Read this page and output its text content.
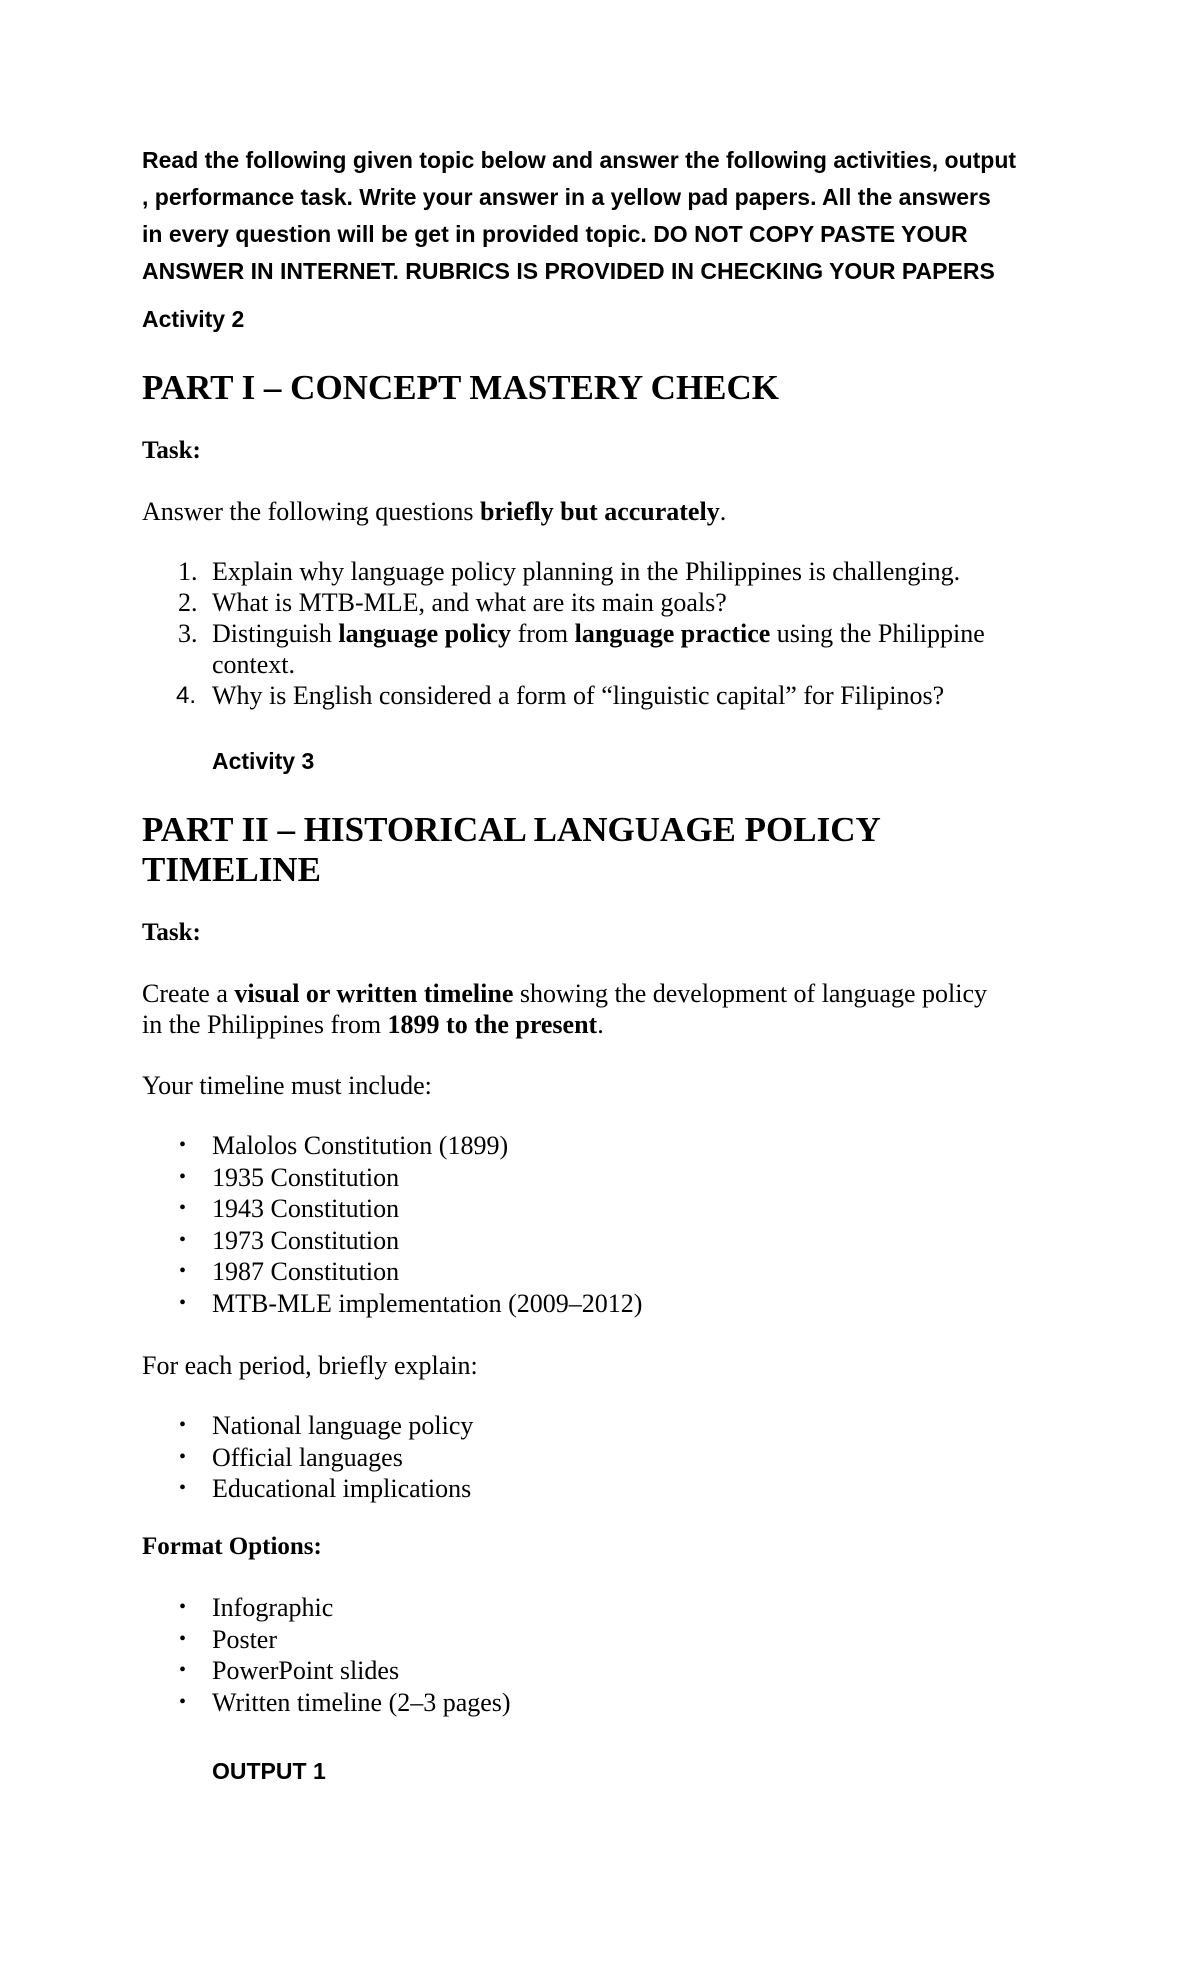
Read the following given topic below and answer the following activities, output
, performance task. Write your answer in a yellow pad papers. All the answers
in every question will be get in provided topic. DO NOT COPY PASTE YOUR
ANSWER IN INTERNET. RUBRICS IS PROVIDED IN CHECKING YOUR PAPERS
Activity 2
PART I – CONCEPT MASTERY CHECK
Task:
Answer the following questions briefly but accurately.
1. Explain why language policy planning in the Philippines is challenging.
2. What is MTB-MLE, and what are its main goals?
3. Distinguish language policy from language practice using the Philippine
context.
4. Why is English considered a form of “linguistic capital” for Filipinos?
Activity 3
PART II – HISTORICAL LANGUAGE POLICY
TIMELINE
Task:
Create a visual or written timeline showing the development of language policy
in the Philippines from 1899 to the present.
Your timeline must include:
• Malolos Constitution (1899)
• 1935 Constitution
• 1943 Constitution
• 1973 Constitution
• 1987 Constitution
• MTB-MLE implementation (2009–2012)
For each period, briefly explain:
• National language policy
• Official languages
• Educational implications
Format Options:
• Infographic
• Poster
• PowerPoint slides
• Written timeline (2–3 pages)
OUTPUT 1
